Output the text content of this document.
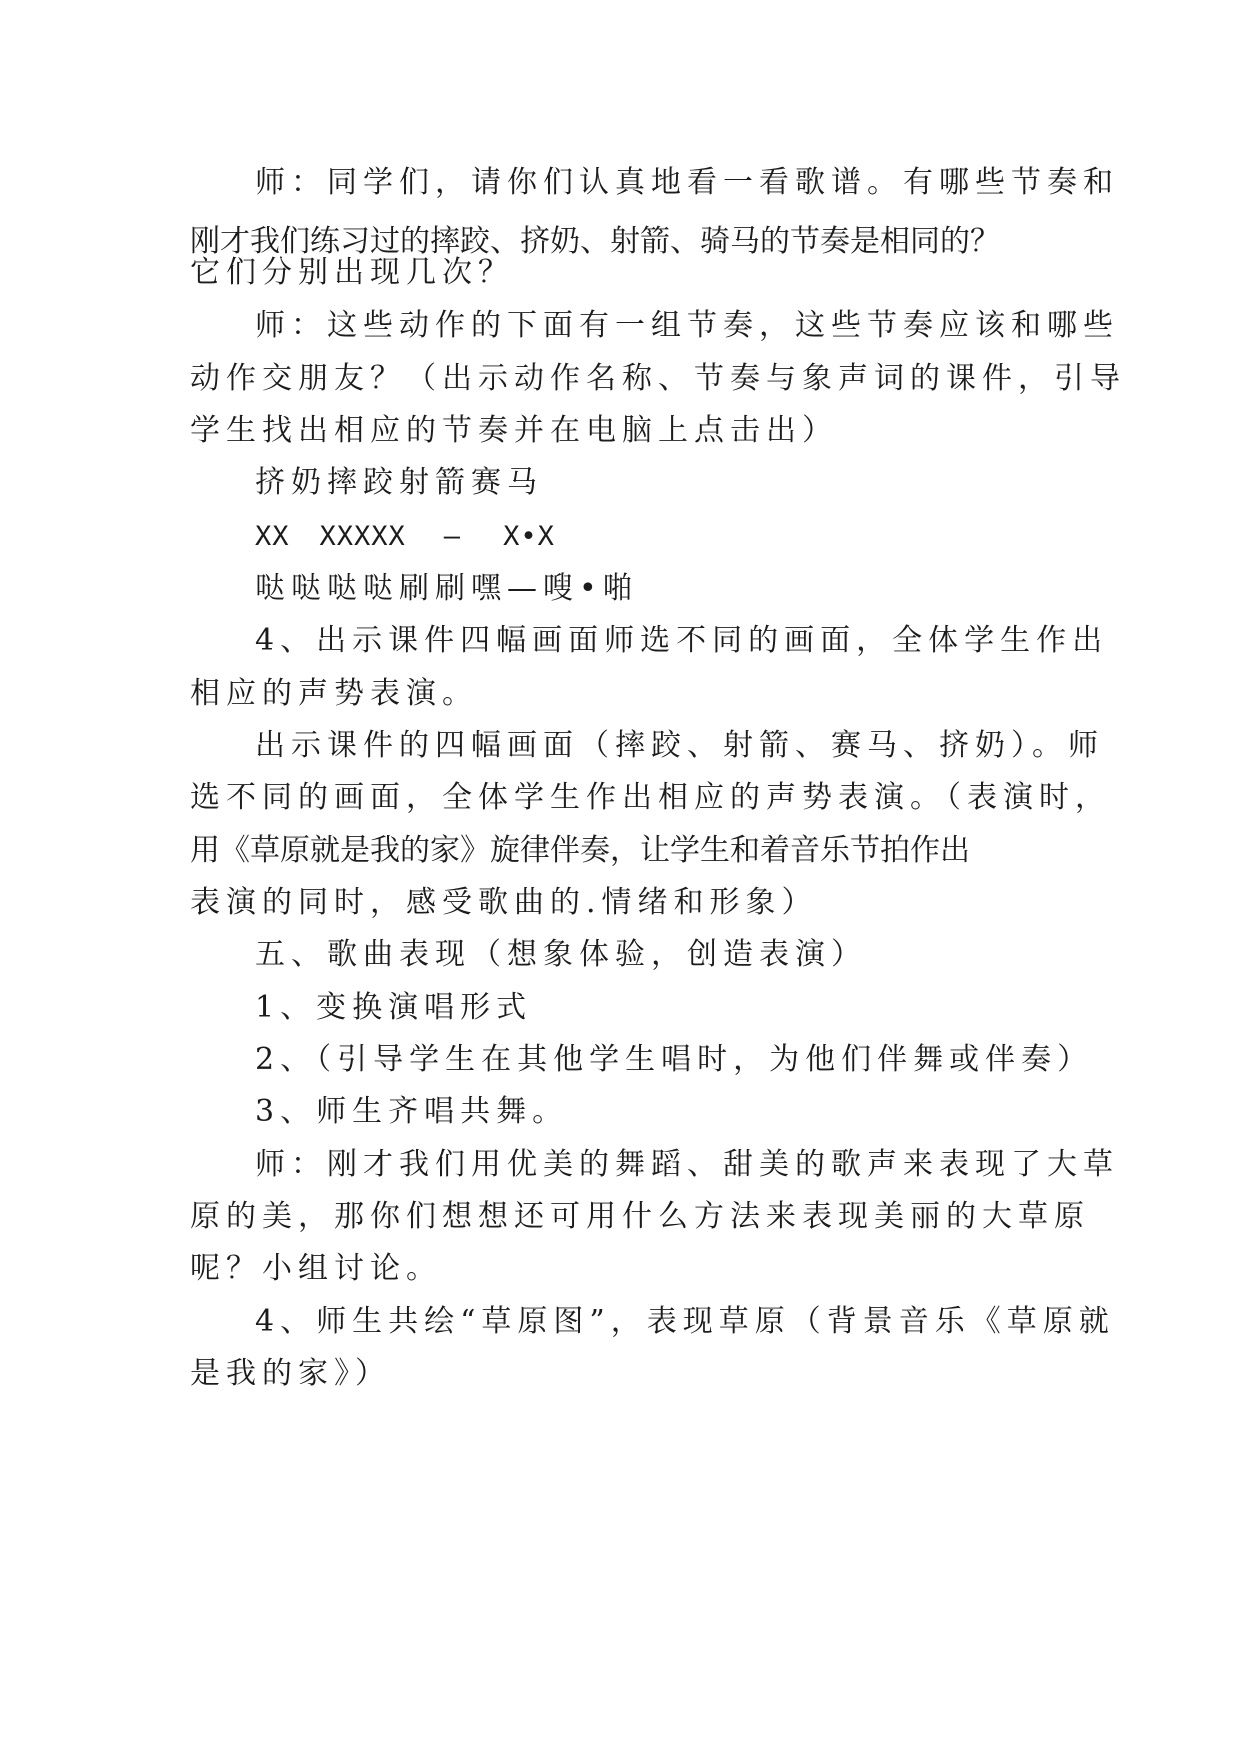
师：同学们，请你们认真地看一看歌谱。有哪些节奏和
刚才我们练习过的摔跤、挤奶、射箭、骑马的节奏是相同的？
它们分别出现几次？
师：这些动作的下面有一组节奏，这些节奏应该和哪些
动作交朋友？（出示动作名称、节奏与象声词的课件，引导
学生找出相应的节奏并在电脑上点击出）
挤奶摔跤射箭赛马
XX XXXXX — X•X
哒哒哒哒刷刷嘿—嗖•啪
4、出示课件四幅画面师选不同的画面，全体学生作出
相应的声势表演。
出示课件的四幅画面（摔跤、射箭、赛马、挤奶）。师
选不同的画面，全体学生作出相应的声势表演。（表演时，
用《草原就是我的家》旋律伴奏，让学生和着音乐节拍作出
表演的同时，感受歌曲的.情绪和形象）
五、歌曲表现（想象体验，创造表演）
1、变换演唱形式
2、（引导学生在其他学生唱时，为他们伴舞或伴奏）
3、师生齐唱共舞。
师：刚才我们用优美的舞蹈、甜美的歌声来表现了大草
原的美，那你们想想还可用什么方法来表现美丽的大草原
呢？小组讨论。
4、师生共绘“草原图”，表现草原（背景音乐《草原就
是我的家》）
